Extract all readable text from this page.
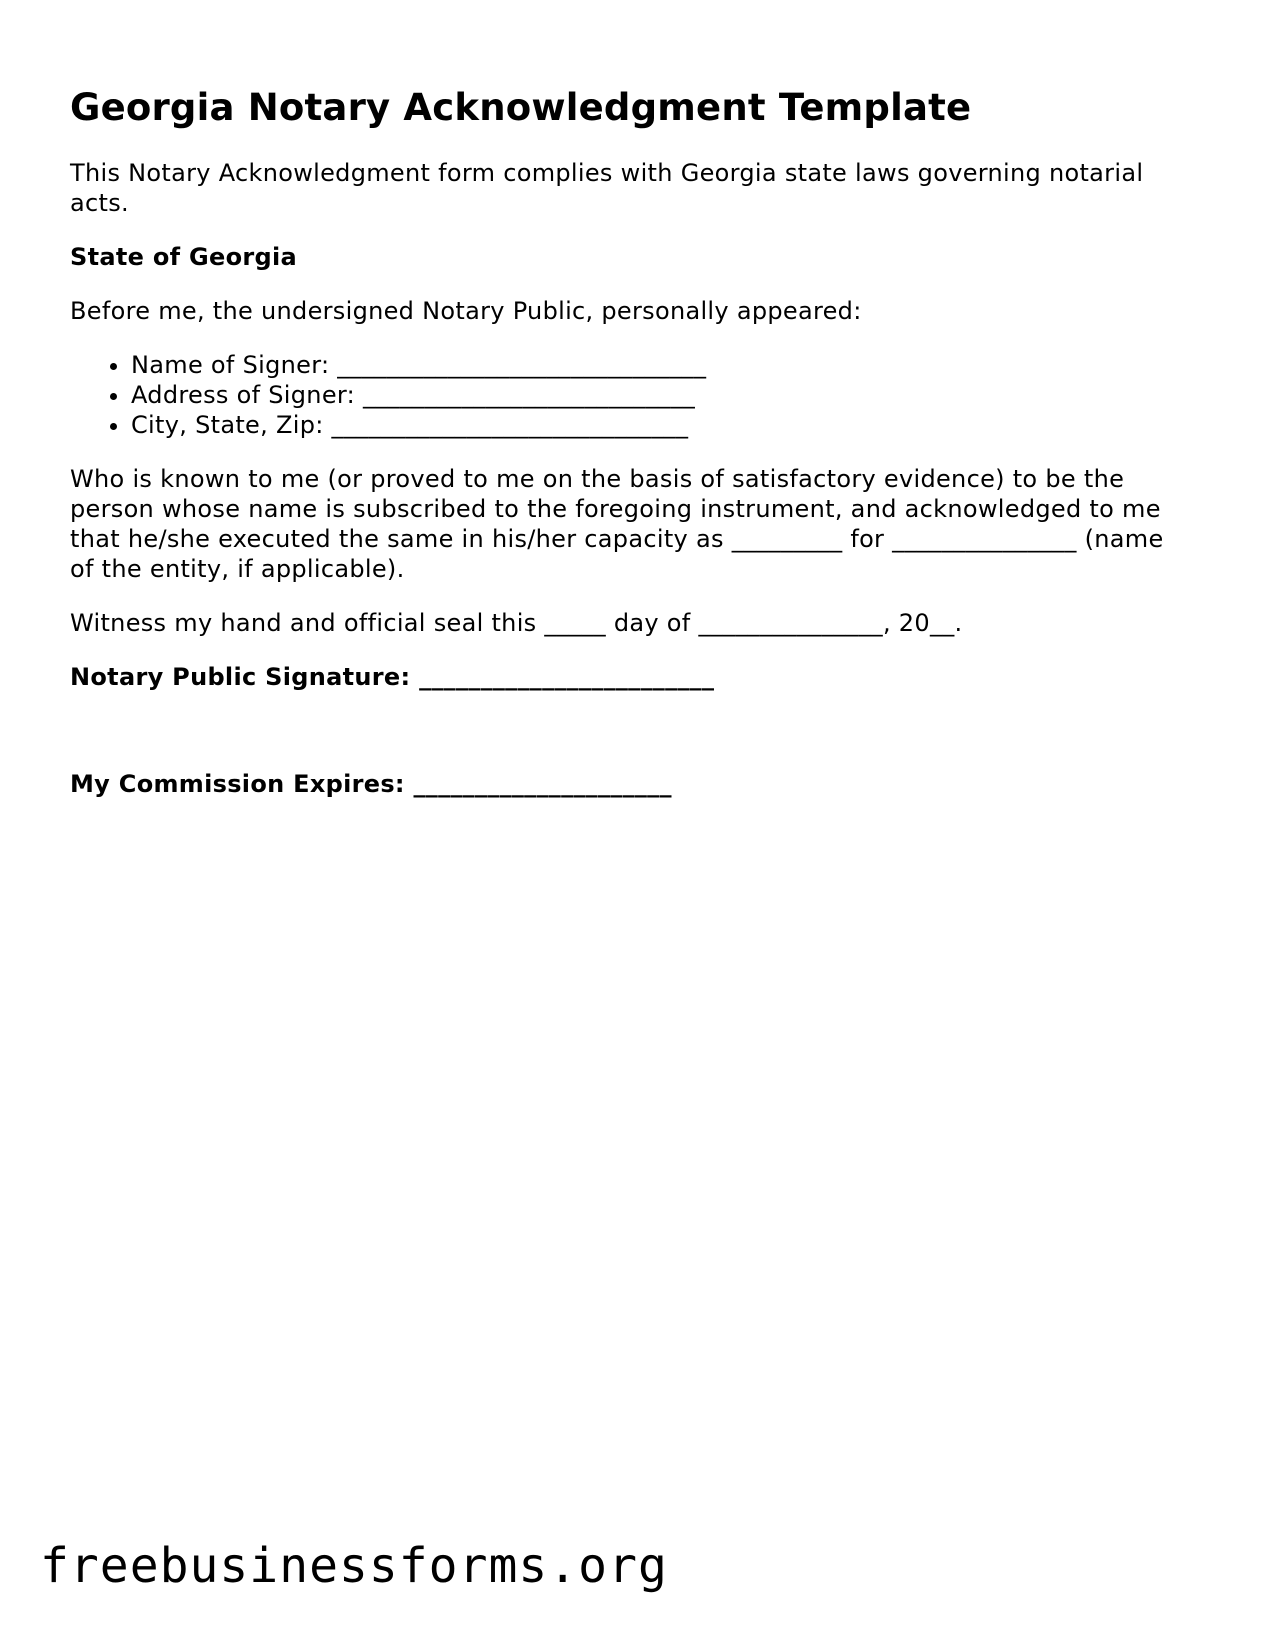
Georgia Notary Acknowledgment Template

This Notary Acknowledgment form complies with Georgia state laws governing notarial acts.

State of Georgia

Before me, the undersigned Notary Public, personally appeared:

• Name of Signer: ______________________________
• Address of Signer: ___________________________
• City, State, Zip: _____________________________

Who is known to me (or proved to me on the basis of satisfactory evidence) to be the person whose name is subscribed to the foregoing instrument, and acknowledged to me that he/she executed the same in his/her capacity as _________ for _______________ (name of the entity, if applicable).

Witness my hand and official seal this _____ day of _______________, 20__.

Notary Public Signature: ________________________

My Commission Expires: _____________________

freebusinessforms.org
